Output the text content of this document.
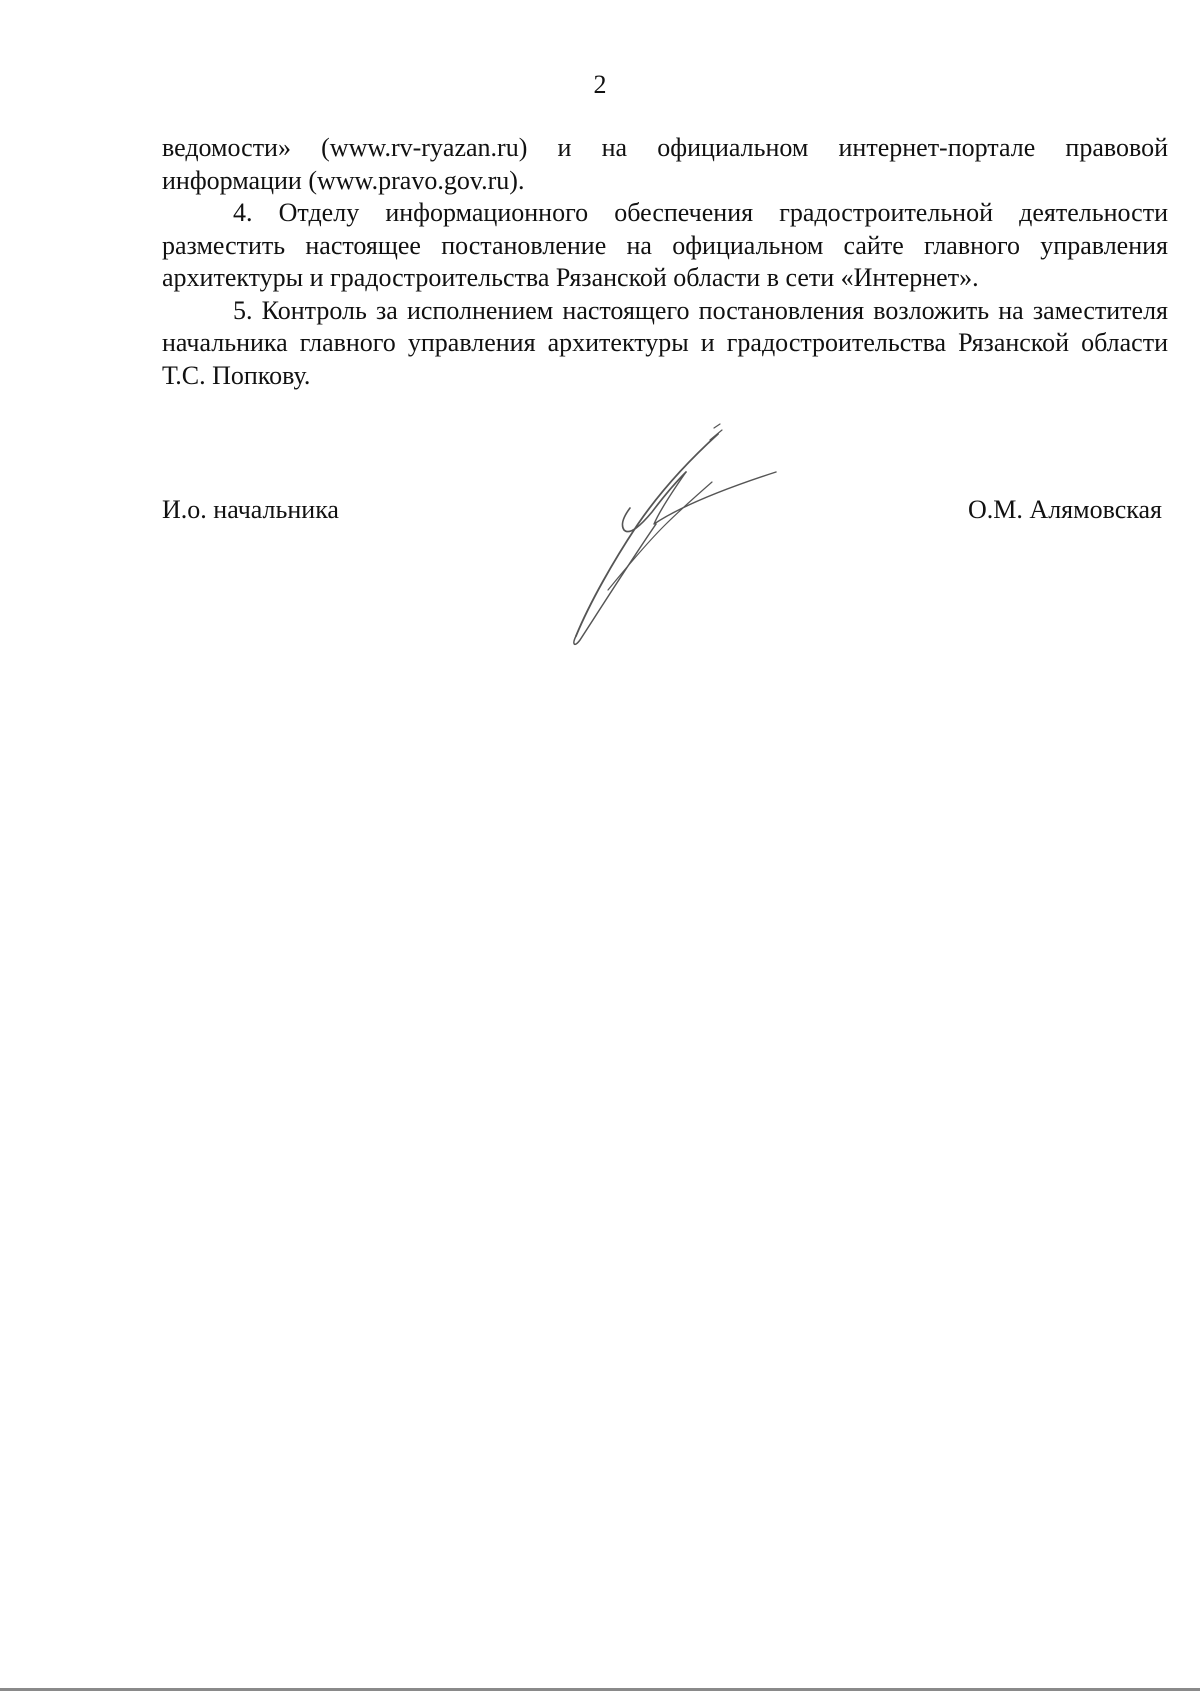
2

ведомости» (www.rv-ryazan.ru) и на официальном интернет-портале правовой информации (www.pravo.gov.ru).

4. Отделу информационного обеспечения градостроительной деятельности разместить настоящее постановление на официальном сайте главного управления архитектуры и градостроительства Рязанской области в сети «Интернет».

5. Контроль за исполнением настоящего постановления возложить на заместителя начальника главного управления архитектуры и градостроительства Рязанской области Т.С. Попкову.

И.о. начальника	О.М. Алямовская
